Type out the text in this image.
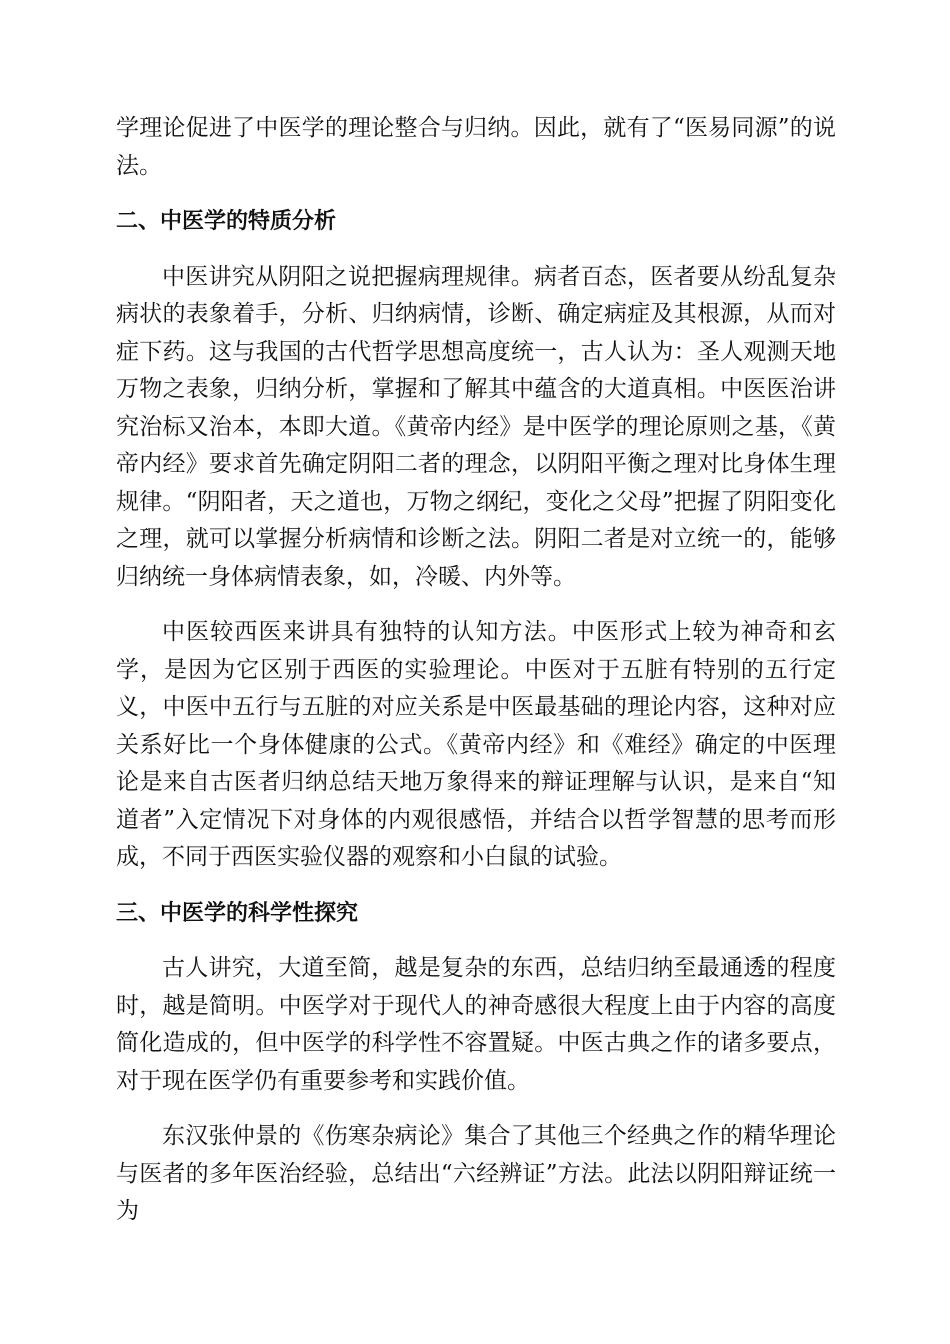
学理论促进了中医学的理论整合与归纳。因此，就有了“医易同源”的说法。

二、中医学的特质分析

中医讲究从阴阳之说把握病理规律。病者百态，医者要从纷乱复杂病状的表象着手，分析、归纳病情，诊断、确定病症及其根源，从而对症下药。这与我国的古代哲学思想高度统一，古人认为：圣人观测天地万物之表象，归纳分析，掌握和了解其中蕴含的大道真相。中医医治讲究治标又治本，本即大道。《黄帝内经》是中医学的理论原则之基，《黄帝内经》要求首先确定阴阳二者的理念，以阴阳平衡之理对比身体生理规律。“阴阳者，天之道也，万物之纲纪，变化之父母”把握了阴阳变化之理，就可以掌握分析病情和诊断之法。阴阳二者是对立统一的，能够归纳统一身体病情表象，如，冷暖、内外等。

中医较西医来讲具有独特的认知方法。中医形式上较为神奇和玄学，是因为它区别于西医的实验理论。中医对于五脏有特别的五行定义，中医中五行与五脏的对应关系是中医最基础的理论内容，这种对应关系好比一个身体健康的公式。《黄帝内经》和《难经》确定的中医理论是来自古医者归纳总结天地万象得来的辩证理解与认识，是来自“知道者”入定情况下对身体的内观很感悟，并结合以哲学智慧的思考而形成，不同于西医实验仪器的观察和小白鼠的试验。

三、中医学的科学性探究

古人讲究，大道至简，越是复杂的东西，总结归纳至最通透的程度时，越是简明。中医学对于现代人的神奇感很大程度上由于内容的高度简化造成的，但中医学的科学性不容置疑。中医古典之作的诸多要点，对于现在医学仍有重要参考和实践价值。

东汉张仲景的《伤寒杂病论》集合了其他三个经典之作的精华理论与医者的多年医治经验，总结出“六经辨证”方法。此法以阴阳辩证统一为
